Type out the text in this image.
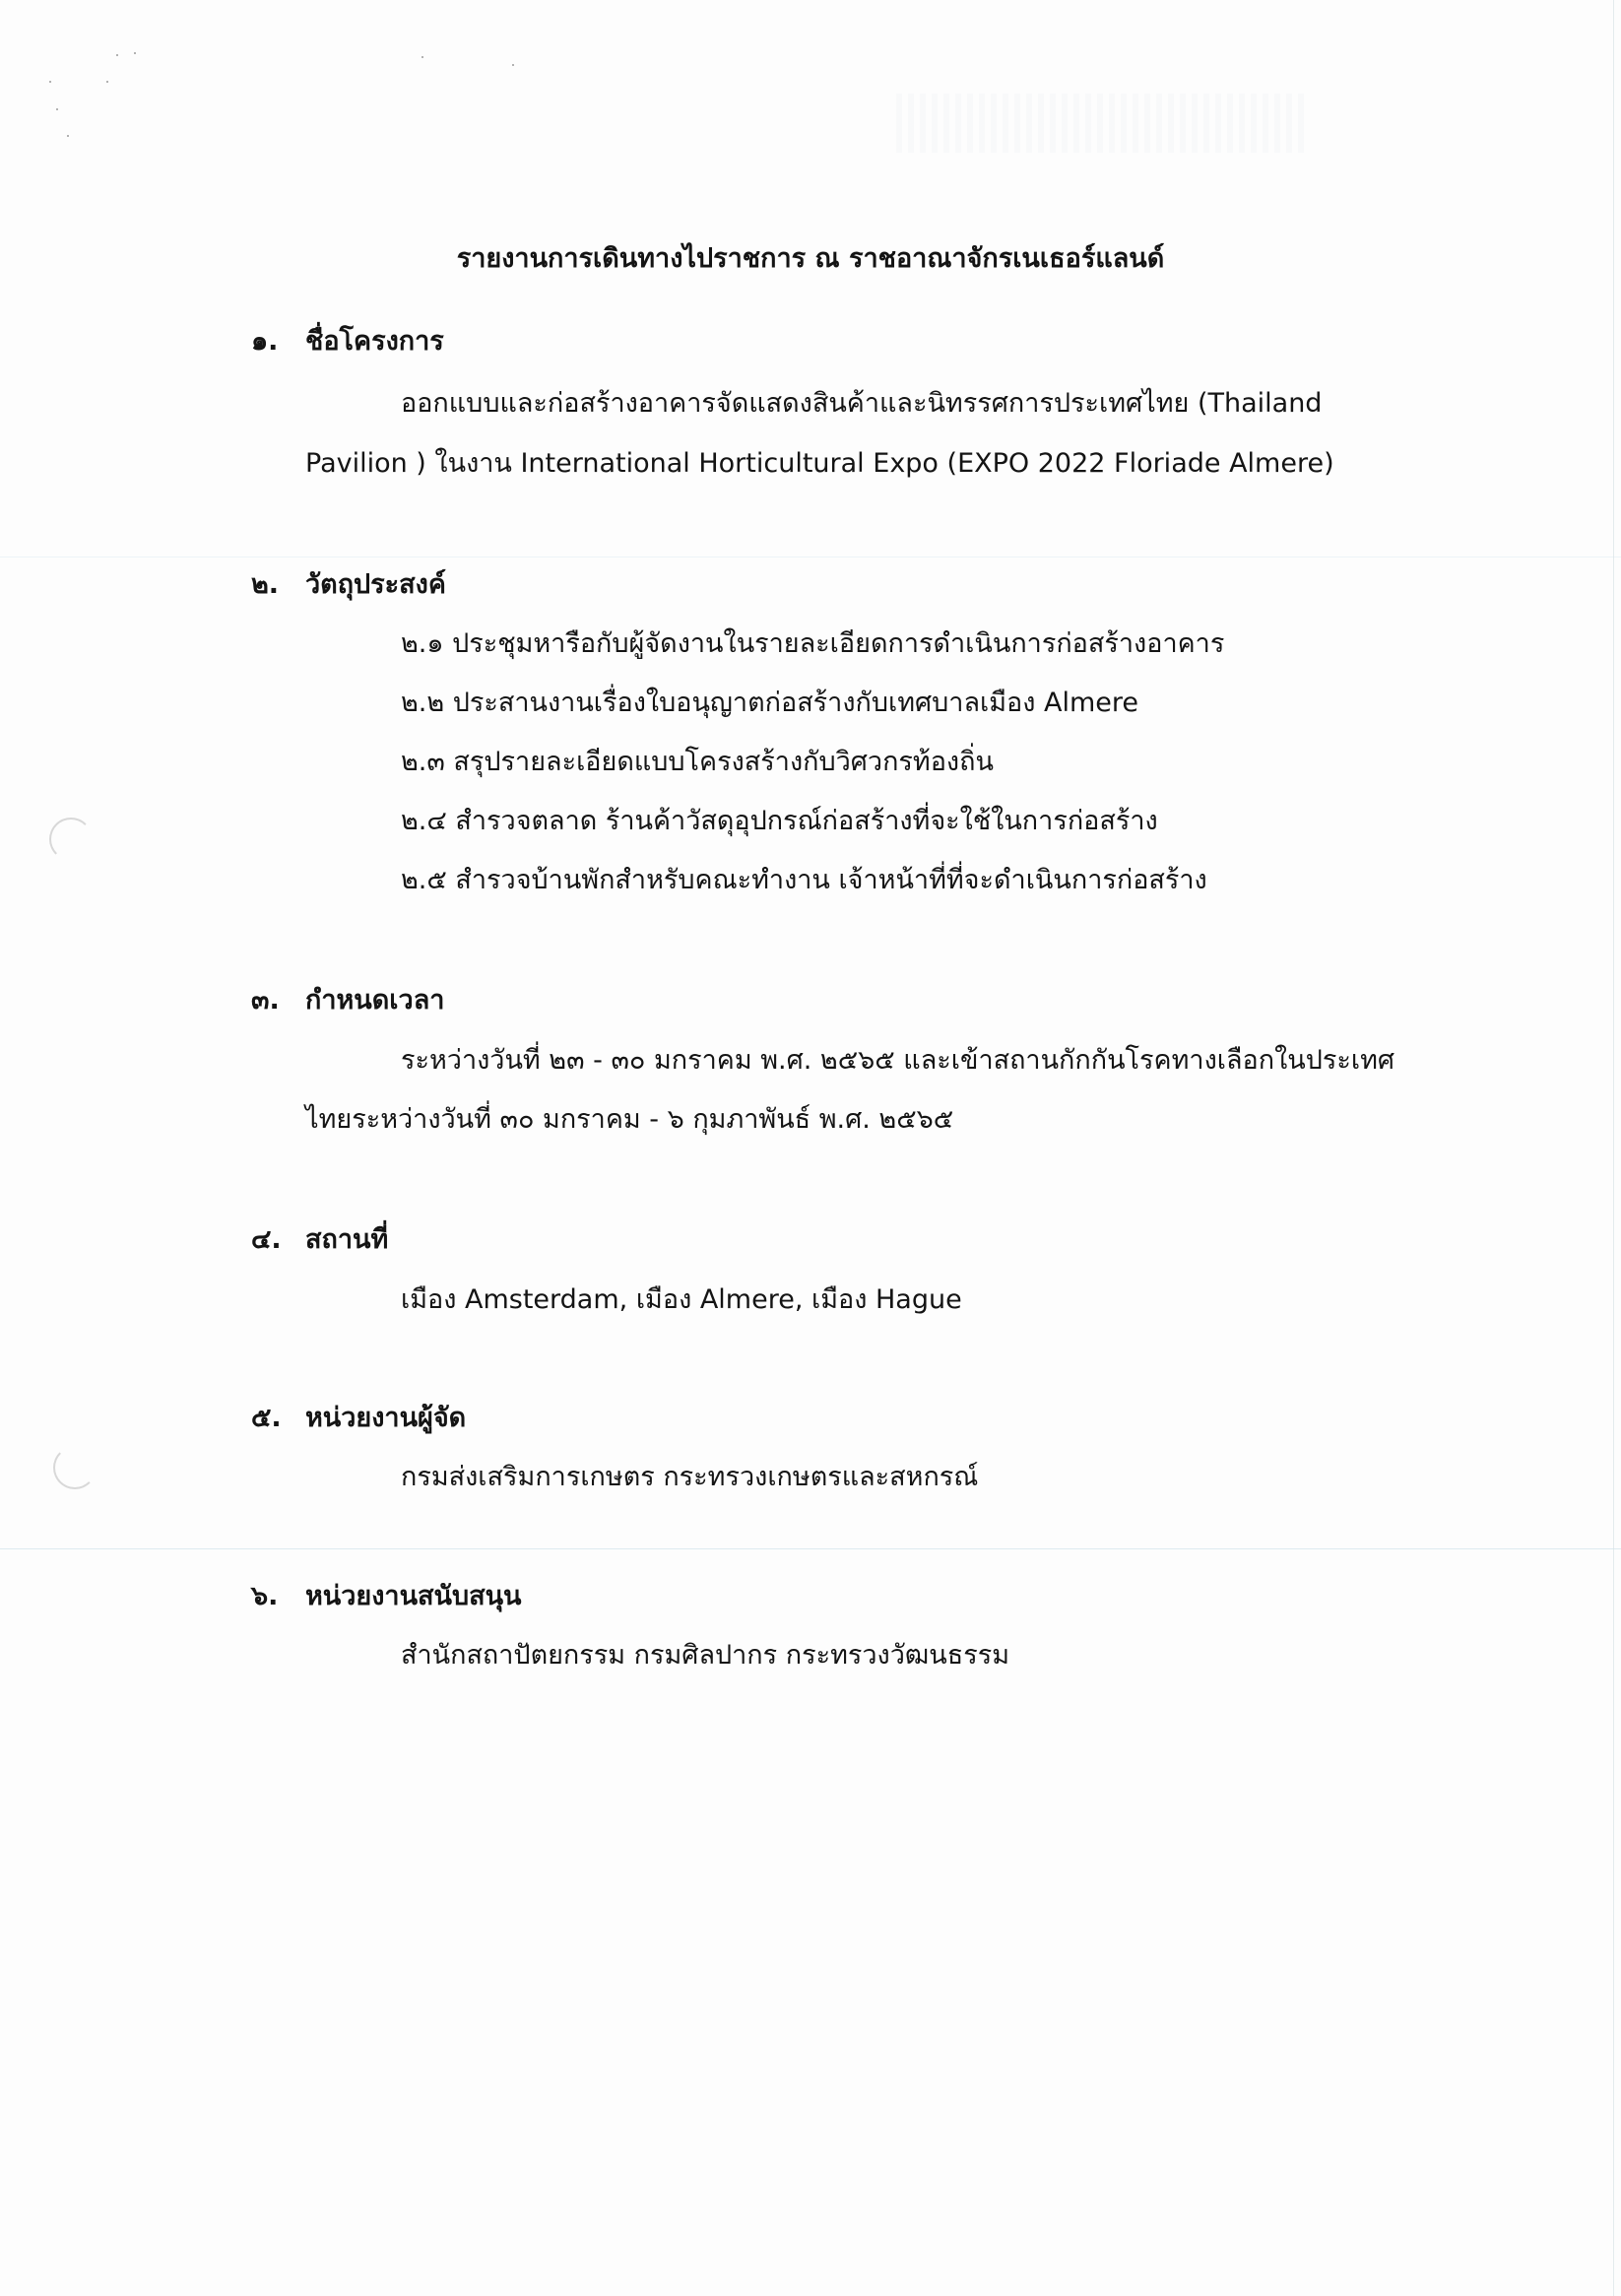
รายงานการเดินทางไปราชการ ณ ราชอาณาจักรเนเธอร์แลนด์
๑. ชื่อโครงการ
ออกแบบและก่อสร้างอาคารจัดแสดงสินค้าและนิทรรศการประเทศไทย (Thailand
Pavilion ) ในงาน International Horticultural Expo (EXPO 2022 Floriade Almere)
๒. วัตถุประสงค์
๒.๑ ประชุมหารือกับผู้จัดงานในรายละเอียดการดำเนินการก่อสร้างอาคาร
๒.๒ ประสานงานเรื่องใบอนุญาตก่อสร้างกับเทศบาลเมือง Almere
๒.๓ สรุปรายละเอียดแบบโครงสร้างกับวิศวกรท้องถิ่น
๒.๔ สำรวจตลาด ร้านค้าวัสดุอุปกรณ์ก่อสร้างที่จะใช้ในการก่อสร้าง
๒.๕ สำรวจบ้านพักสำหรับคณะทำงาน เจ้าหน้าที่ที่จะดำเนินการก่อสร้าง
๓. กำหนดเวลา
ระหว่างวันที่ ๒๓ - ๓๐ มกราคม พ.ศ. ๒๕๖๕ และเข้าสถานกักกันโรคทางเลือกในประเทศ
ไทยระหว่างวันที่ ๓๐ มกราคม - ๖ กุมภาพันธ์ พ.ศ. ๒๕๖๕
๔. สถานที่
เมือง Amsterdam, เมือง Almere, เมือง Hague
๕. หน่วยงานผู้จัด
กรมส่งเสริมการเกษตร กระทรวงเกษตรและสหกรณ์
๖. หน่วยงานสนับสนุน
สำนักสถาปัตยกรรม กรมศิลปากร กระทรวงวัฒนธรรม
